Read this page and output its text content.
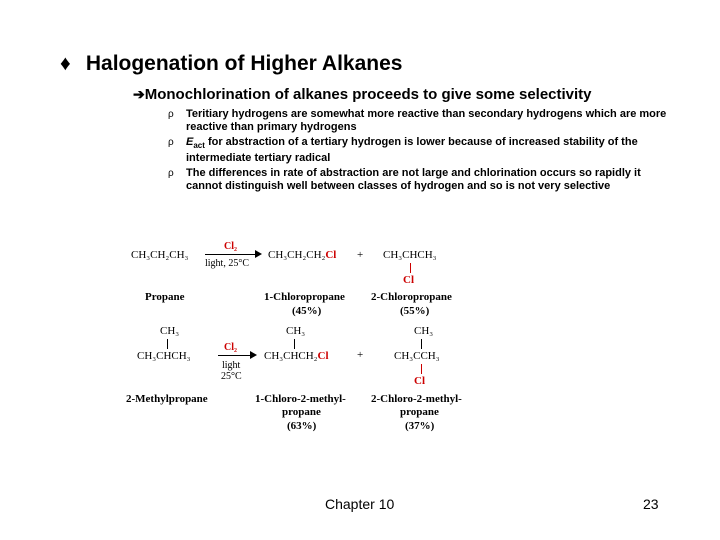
♦ Halogenation of Higher Alkanes
➔Monochlorination of alkanes proceeds to give some selectivity
ρ Teritiary hydrogens are somewhat more reactive than secondary hydrogens which are more reactive than primary hydrogens
ρ $E_{act}$ for abstraction of a tertiary hydrogen is lower because of increased stability of the intermediate tertiary radical
ρ The differences in rate of abstraction are not large and chlorination occurs so rapidly it cannot distinguish well between classes of hydrogen and so is not very selective
CH₃CH₂CH₃
Cl₂
light, 25°C
CH₃CH₂CH₂Cl + CH₃CHCH₃
Cl
Propane	1-Chloropropane
(45%)
2-Chloropropane
(55%)
CH₃
CH₃CHCH₃
Cl₂
light
25°C
CH₃
CH₃CHCH₂Cl	+
CH₃
CH₃CCH₃
Cl
2-Methylpropane	1-Chloro-2-methyl-
propane
(63%)
2-Chloro-2-methyl-
propane
(37%)
Chapter 10	23
